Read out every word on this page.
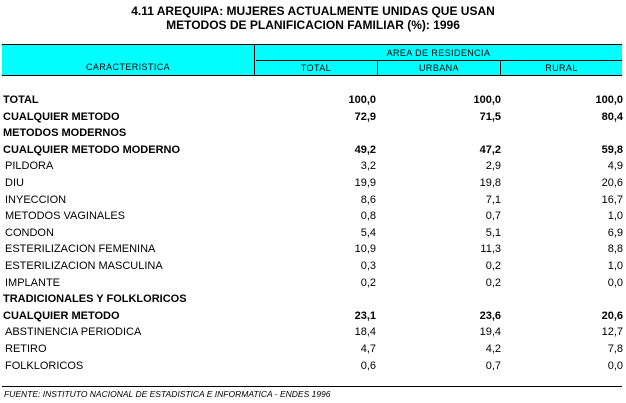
4.11 AREQUIPA: MUJERES ACTUALMENTE UNIDAS QUE USAN
METODOS DE PLANIFICACION FAMILIAR (%): 1996
CARACTERISTICA
AREA DE RESIDENCIA
TOTAL	URBANA	RURAL
TOTAL	100,0	100,0	100,0
CUALQUIER METODO	72,9	71,5	80,4
METODOS MODERNOS
CUALQUIER METODO MODERNO	49,2	47,2	59,8
PILDORA	3,2	2,9	4,9
DIU	19,9	19,8	20,6
INYECCION	8,6	7,1	16,7
METODOS VAGINALES	0,8	0,7	1,0
CONDON	5,4	5,1	6,9
ESTERILIZACION FEMENINA	10,9	11,3	8,8
ESTERILIZACION MASCULINA	0,3	0,2	1,0
IMPLANTE	0,2	0,2	0,0
TRADICIONALES Y FOLKLORICOS
CUALQUIER METODO	23,1	23,6	20,6
ABSTINENCIA PERIODICA	18,4	19,4	12,7
RETIRO	4,7	4,2	7,8
FOLKLORICOS	0,6	0,7	0,0
FUENTE: INSTITUTO NACIONAL DE ESTADISTICA E INFORMATICA - ENDES 1996
